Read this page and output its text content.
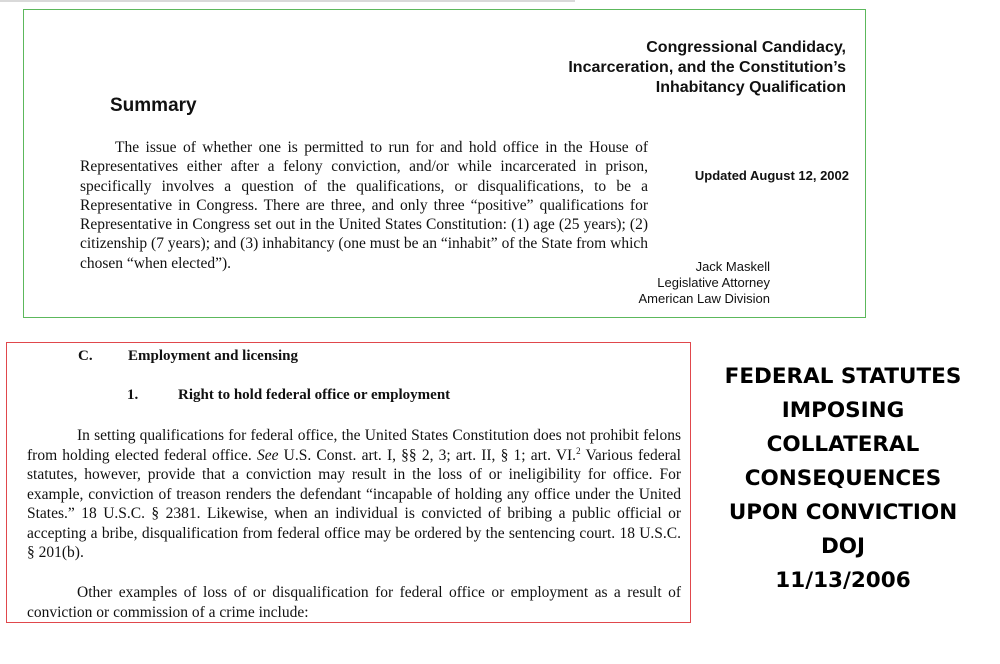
Congressional Candidacy,
Incarceration, and the Constitution’s
Inhabitancy Qualification
Summary

The issue of whether one is permitted to run for and hold office in the House of Representatives either after a felony conviction, and/or while incarcerated in prison, specifically involves a question of the qualifications, or disqualifications, to be a Representative in Congress. There are three, and only three “positive” qualifications for Representative in Congress set out in the United States Constitution: (1) age (25 years); (2) citizenship (7 years); and (3) inhabitancy (one must be an “inhabit” of the State from which chosen “when elected”).

Updated August 12, 2002

Jack Maskell
Legislative Attorney
American Law Division
C. Employment and licensing
1.	Right to hold federal office or employment

In setting qualifications for federal office, the United States Constitution does not prohibit felons from holding elected federal office. See U.S. Const. art. I, §§ 2, 3; art. II, § 1; art. VI.$^2$ Various federal statutes, however, provide that a conviction may result in the loss of or ineligibility for office. For example, conviction of treason renders the defendant “incapable of holding any office under the United States.” 18 U.S.C. § 2381. Likewise, when an individual is convicted of bribing a public official or accepting a bribe, disqualification from federal office may be ordered by the sentencing court. 18 U.S.C. § 201(b).

Other examples of loss of or disqualification for federal office or employment as a result of conviction or commission of a crime include:

FEDERAL STATUTES
IMPOSING
COLLATERAL
CONSEQUENCES
UPON CONVICTION
DOJ
11/13/2006
